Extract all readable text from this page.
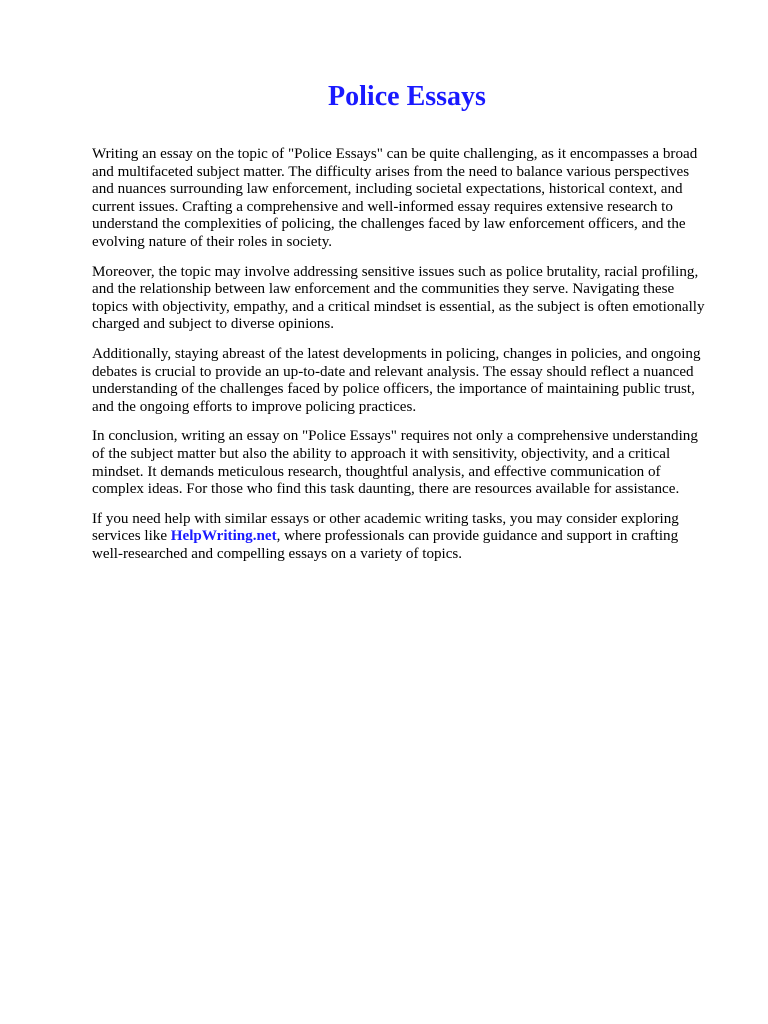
Police Essays
Writing an essay on the topic of "Police Essays" can be quite challenging, as it encompasses a broad
and multifaceted subject matter. The difficulty arises from the need to balance various perspectives
and nuances surrounding law enforcement, including societal expectations, historical context, and
current issues. Crafting a comprehensive and well-informed essay requires extensive research to
understand the complexities of policing, the challenges faced by law enforcement officers, and the
evolving nature of their roles in society.
Moreover, the topic may involve addressing sensitive issues such as police brutality, racial profiling,
and the relationship between law enforcement and the communities they serve. Navigating these
topics with objectivity, empathy, and a critical mindset is essential, as the subject is often emotionally
charged and subject to diverse opinions.
Additionally, staying abreast of the latest developments in policing, changes in policies, and ongoing
debates is crucial to provide an up-to-date and relevant analysis. The essay should reflect a nuanced
understanding of the challenges faced by police officers, the importance of maintaining public trust,
and the ongoing efforts to improve policing practices.
In conclusion, writing an essay on "Police Essays" requires not only a comprehensive understanding
of the subject matter but also the ability to approach it with sensitivity, objectivity, and a critical
mindset. It demands meticulous research, thoughtful analysis, and effective communication of
complex ideas. For those who find this task daunting, there are resources available for assistance.
If you need help with similar essays or other academic writing tasks, you may consider exploring
services like HelpWriting.net, where professionals can provide guidance and support in crafting
well-researched and compelling essays on a variety of topics.
